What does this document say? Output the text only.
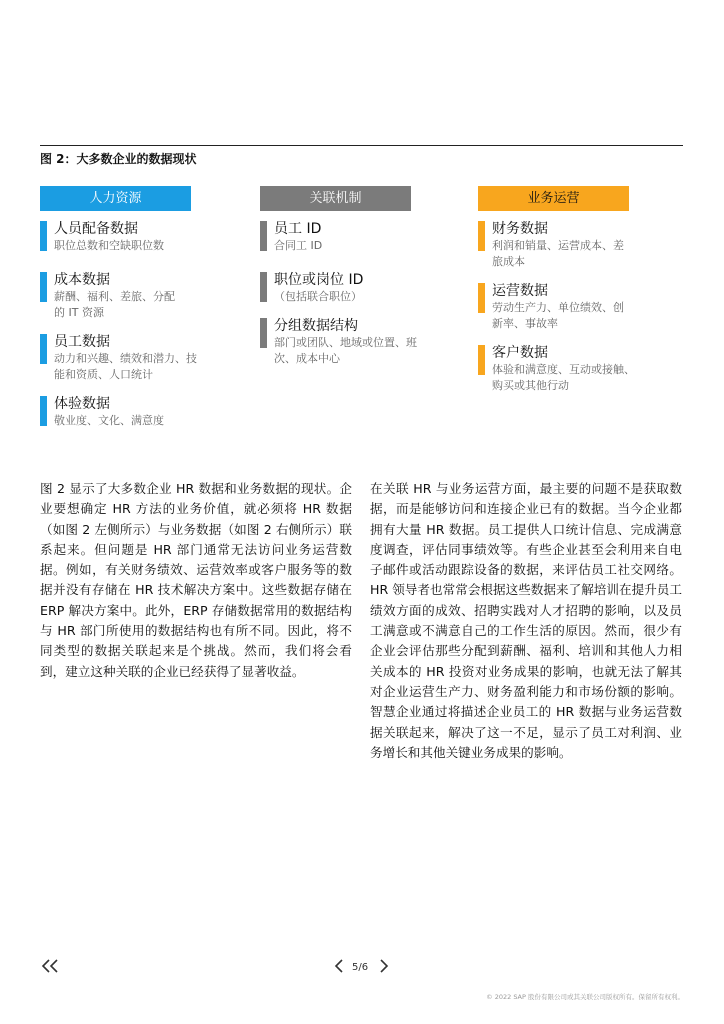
图 2：大多数企业的数据现状
人力资源
人员配备数据
职位总数和空缺职位数
成本数据
薪酬、福利、差旅、分配的 IT 资源
员工数据
动力和兴趣、绩效和潜力、技能和资质、人口统计
体验数据
敬业度、文化、满意度
关联机制
员工 ID
合同工 ID
职位或岗位 ID
（包括联合职位）
分组数据结构
部门或团队、地域或位置、班次、成本中心
业务运营
财务数据
利润和销量、运营成本、差旅成本
运营数据
劳动生产力、单位绩效、创新率、事故率
客户数据
体验和满意度、互动或接触、购买或其他行动
图 2 显示了大多数企业 HR 数据和业务数据的现状。企业要想确定 HR 方法的业务价值，就必须将 HR 数据（如图 2 左侧所示）与业务数据（如图 2 右侧所示）联系起来。但问题是 HR 部门通常无法访问业务运营数据。例如，有关财务绩效、运营效率或客户服务等的数据并没有存储在 HR 技术解决方案中。这些数据存储在 ERP 解决方案中。此外，ERP 存储数据常用的数据结构与 HR 部门所使用的数据结构也有所不同。因此，将不同类型的数据关联起来是个挑战。然而，我们将会看到，建立这种关联的企业已经获得了显著收益。
在关联 HR 与业务运营方面，最主要的问题不是获取数据，而是能够访问和连接企业已有的数据。当今企业都拥有大量 HR 数据。员工提供人口统计信息、完成满意度调查，评估同事绩效等。有些企业甚至会利用来自电子邮件或活动跟踪设备的数据，来评估员工社交网络。HR 领导者也常常会根据这些数据来了解培训在提升员工绩效方面的成效、招聘实践对人才招聘的影响，以及员工满意或不满意自己的工作生活的原因。然而，很少有企业会评估那些分配到薪酬、福利、培训和其他人力相关成本的 HR 投资对业务成果的影响，也就无法了解其对企业运营生产力、财务盈利能力和市场份额的影响。智慧企业通过将描述企业员工的 HR 数据与业务运营数据关联起来，解决了这一不足，显示了员工对利润、业务增长和其他关键业务成果的影响。
5/6
© 2022 SAP 股份有限公司或其关联公司版权所有。保留所有权利。
